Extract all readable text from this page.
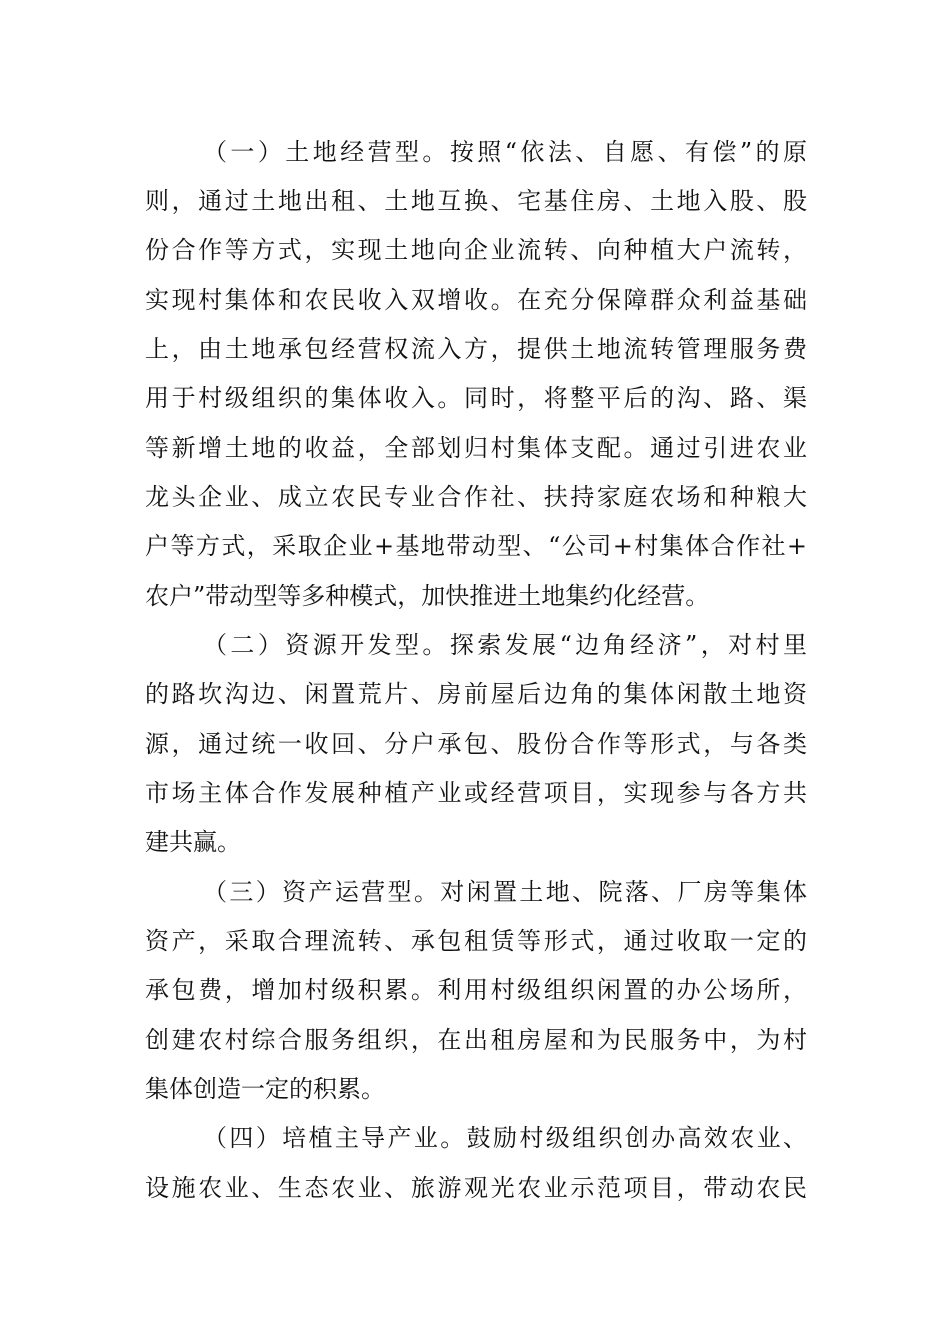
（一）土地经营型。按照“依法、自愿、有偿”的原
则，通过土地出租、土地互换、宅基住房、土地入股、股
份合作等方式，实现土地向企业流转、向种植大户流转，
实现村集体和农民收入双增收。在充分保障群众利益基础
上，由土地承包经营权流入方，提供土地流转管理服务费
用于村级组织的集体收入。同时，将整平后的沟、路、渠
等新增土地的收益，全部划归村集体支配。通过引进农业
龙头企业、成立农民专业合作社、扶持家庭农场和种粮大
户等方式，采取企业+基地带动型、“公司+村集体合作社+
农户”带动型等多种模式，加快推进土地集约化经营。
（二）资源开发型。探索发展“边角经济”，对村里
的路坎沟边、闲置荒片、房前屋后边角的集体闲散土地资
源，通过统一收回、分户承包、股份合作等形式，与各类
市场主体合作发展种植产业或经营项目，实现参与各方共
建共赢。
（三）资产运营型。对闲置土地、院落、厂房等集体
资产，采取合理流转、承包租赁等形式，通过收取一定的
承包费，增加村级积累。利用村级组织闲置的办公场所，
创建农村综合服务组织，在出租房屋和为民服务中，为村
集体创造一定的积累。
（四）培植主导产业。鼓励村级组织创办高效农业、
设施农业、生态农业、旅游观光农业示范项目，带动农民
